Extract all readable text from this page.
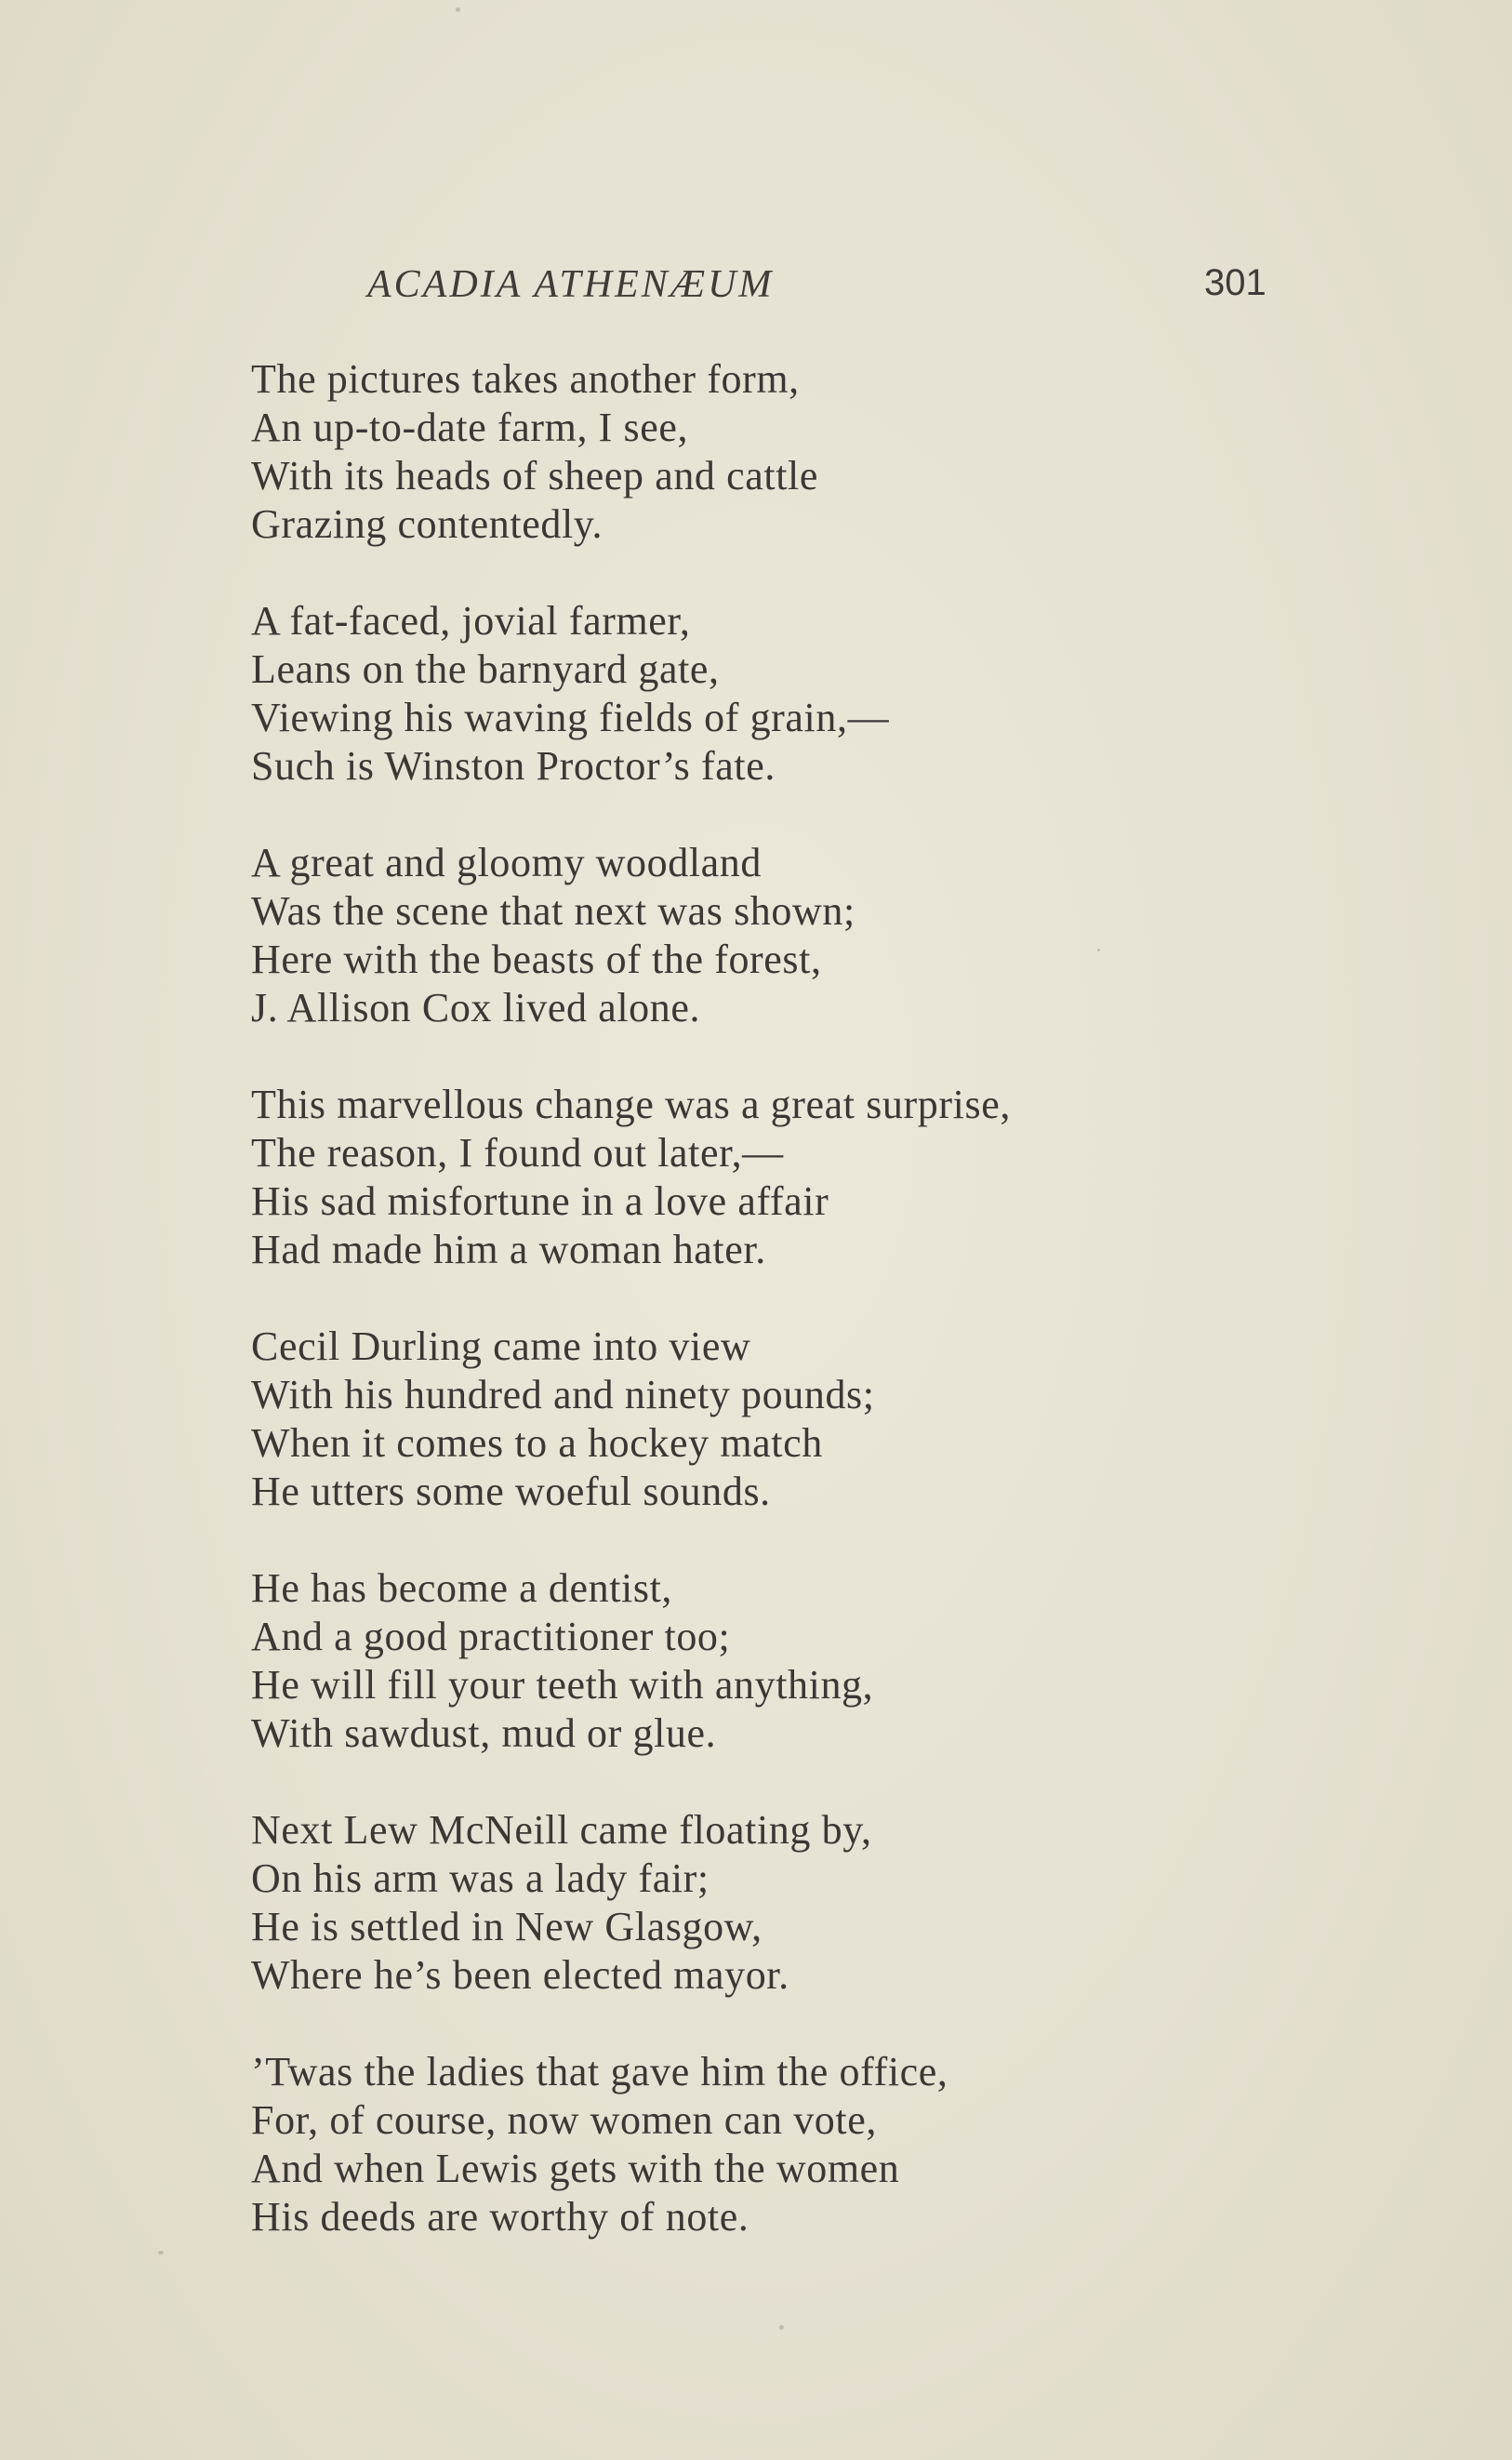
ACADIA ATHENÆUM	301
The pictures takes another form,
An up-to-date farm, I see,
With its heads of sheep and cattle
Grazing contentedly.
A fat-faced, jovial farmer,
Leans on the barnyard gate,
Viewing his waving fields of grain,—
Such is Winston Proctor’s fate.
A great and gloomy woodland
Was the scene that next was shown;
Here with the beasts of the forest,
J. Allison Cox lived alone.
This marvellous change was a great surprise,
The reason, I found out later,—
His sad misfortune in a love affair
Had made him a woman hater.
Cecil Durling came into view
With his hundred and ninety pounds;
When it comes to a hockey match
He utters some woeful sounds.
He has become a dentist,
And a good practitioner too;
He will fill your teeth with anything,
With sawdust, mud or glue.
Next Lew McNeill came floating by,
On his arm was a lady fair;
He is settled in New Glasgow,
Where he’s been elected mayor.
’Twas the ladies that gave him the office,
For, of course, now women can vote,
And when Lewis gets with the women
His deeds are worthy of note.
